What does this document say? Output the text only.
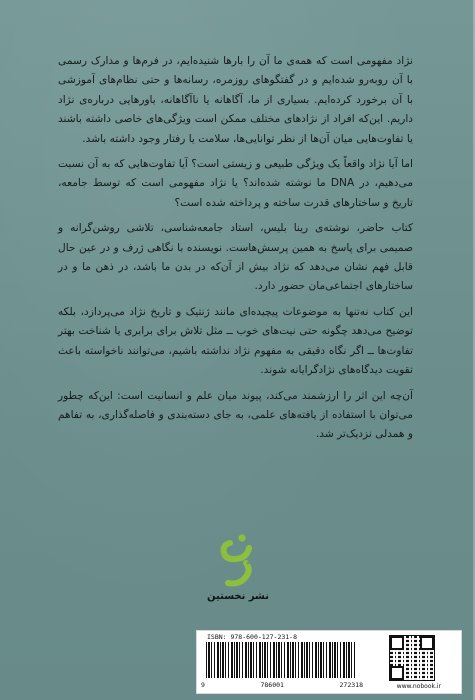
نژاد مفهومی است که همه‌ی ما آن را بارها شنیده‌ایم، در فرم‌ها و مدارک رسمی با آن روبه‌رو شده‌ایم و در گفتگوهای روزمره، رسانه‌ها و حتی نظام‌های آموزشی با آن برخورد کرده‌ایم. بسیاری از ما، آگاهانه یا ناآگاهانه، باورهایی درباره‌ی نژاد داریم. این‌که افراد از نژادهای مختلف ممکن است ویژگی‌های خاصی داشته باشند یا تفاوت‌هایی میان آن‌ها از نظر توانایی‌ها، سلامت یا رفتار وجود داشته باشد.

اما آیا نژاد واقعاً یک ویژگی طبیعی و زیستی است؟ آیا تفاوت‌هایی که به آن نسبت می‌دهیم، در DNA ما نوشته شده‌اند؟ یا نژاد مفهومی است که توسط جامعه، تاریخ و ساختارهای قدرت ساخته و پرداخته شده است؟

کتاب حاضر، نوشته‌ی رینا بلیس، استاد جامعه‌شناسی، تلاشی روشن‌گرانه و صمیمی برای پاسخ به همین پرسش‌هاست. نویسنده با نگاهی ژرف و در عین حال قابل فهم نشان می‌دهد که نژاد بیش از آن‌که در بدن ما باشد، در ذهن ما و در ساختارهای اجتماعی‌مان حضور دارد.

این کتاب نه‌تنها به موضوعات پیچیده‌ای مانند ژنتیک و تاریخ نژاد می‌پردازد، بلکه توضیح می‌دهد چگونه حتی نیت‌های خوب ــ مثل تلاش برای برابری یا شناخت بهتر تفاوت‌ها ــ اگر نگاه دقیقی به مفهوم نژاد نداشته باشیم، می‌توانند ناخواسته باعث تقویت دیدگاه‌های نژادگرایانه شوند.

آن‌چه این اثر را ارزشمند می‌کند، پیوند میان علم و انسانیت است: این‌که چطور می‌توان با استفاده از یافته‌های علمی، به جای دسته‌بندی و فاصله‌گذاری، به تفاهم و همدلی نزدیک‌تر شد.

نشر نخستین
ISBN: 978-600-127-231-8
9	786001	272318	www.nobook.ir
